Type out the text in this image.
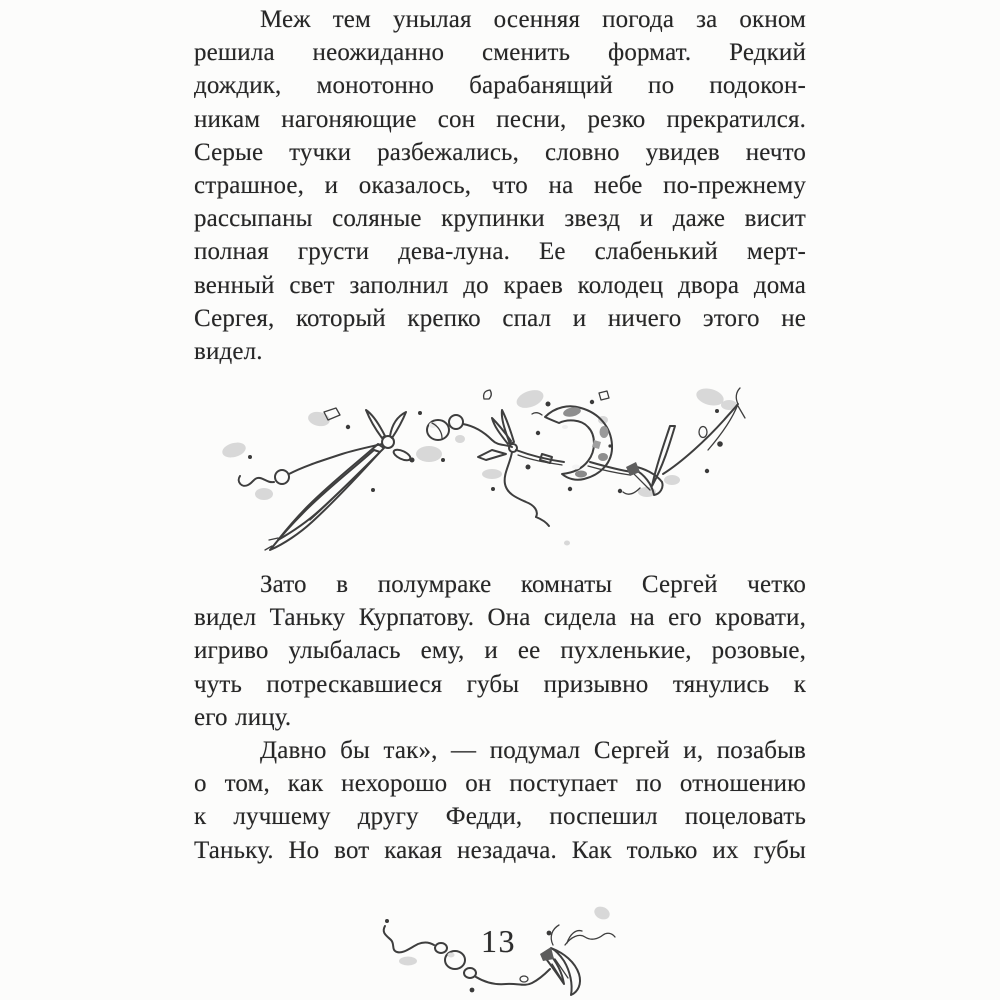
Меж тем унылая осенняя погода за окном
решила неожиданно сменить формат. Редкий
дождик, монотонно барабанящий по подокон-
никам нагоняющие сон песни, резко прекратился.
Серые тучки разбежались, словно увидев нечто
страшное, и оказалось, что на небе по-прежнему
рассыпаны соляные крупинки звезд и даже висит
полная грусти дева-луна. Ее слабенький мерт-
венный свет заполнил до краев колодец двора дома
Сергея, который крепко спал и ничего этого не
видел.
Зато в полумраке комнаты Сергей четко
видел Таньку Курпатову. Она сидела на его кровати,
игриво улыбалась ему, и ее пухленькие, розовые,
чуть потрескавшиеся губы призывно тянулись к
его лицу.
Давно бы так», — подумал Сергей и, позабыв
о том, как нехорошо он поступает по отношению
к лучшему другу Федди, поспешил поцеловать
Таньку. Но вот какая незадача. Как только их губы
13
